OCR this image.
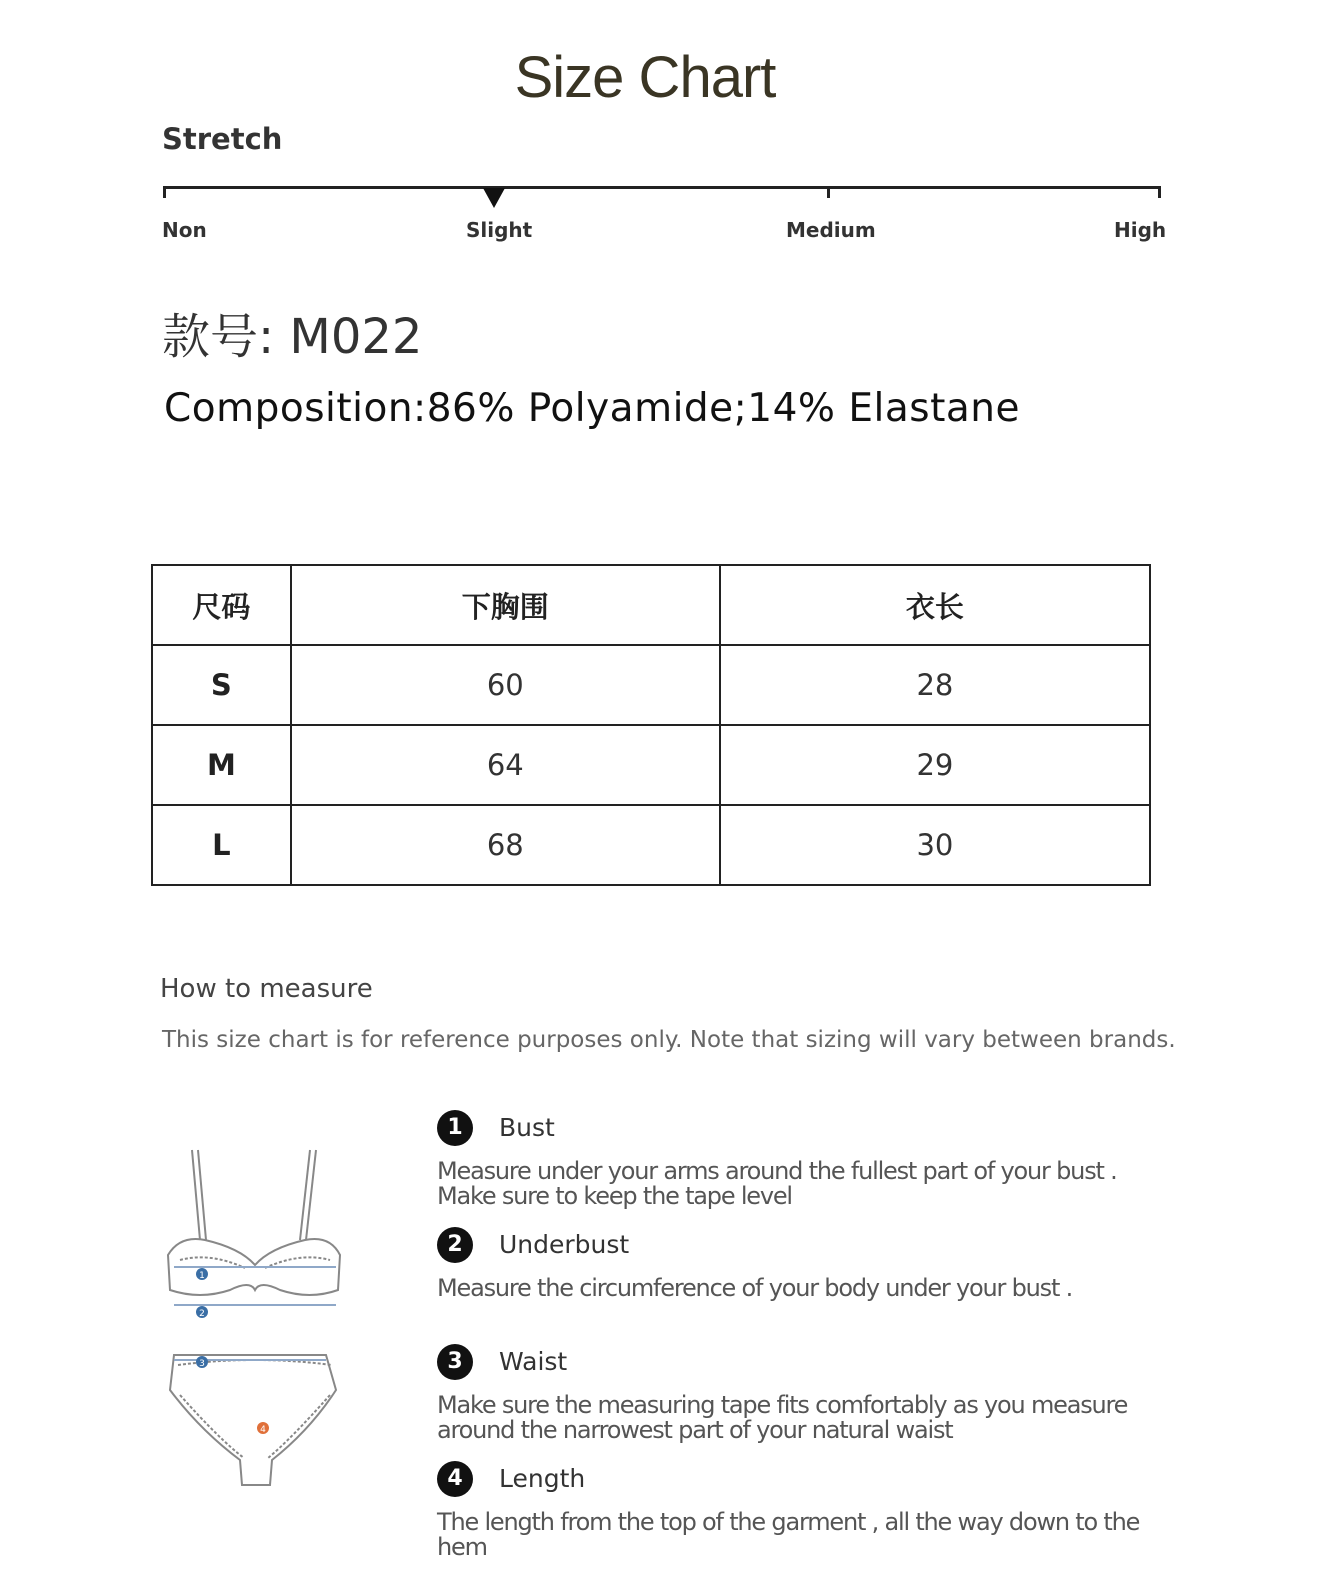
Size Chart
Stretch
Non	Slight	Medium	High
款号: M022
Composition:86% Polyamide;14% Elastane
尺码	下胸围	衣长
S	60	28
M	64	29
L	68	30
How to measure
This size chart is for reference purposes only. Note that sizing will vary between brands.
1
2
3
4
1	Bust
Measure under your arms around the fullest part of your bust . Make sure to keep the tape level
2	Underbust
Measure the circumference of your body under your bust .
3	Waist
Make sure the measuring tape fits comfortably as you measure around the narrowest part of your natural waist
4	Length
The length from the top of the garment , all the way down to the hem
